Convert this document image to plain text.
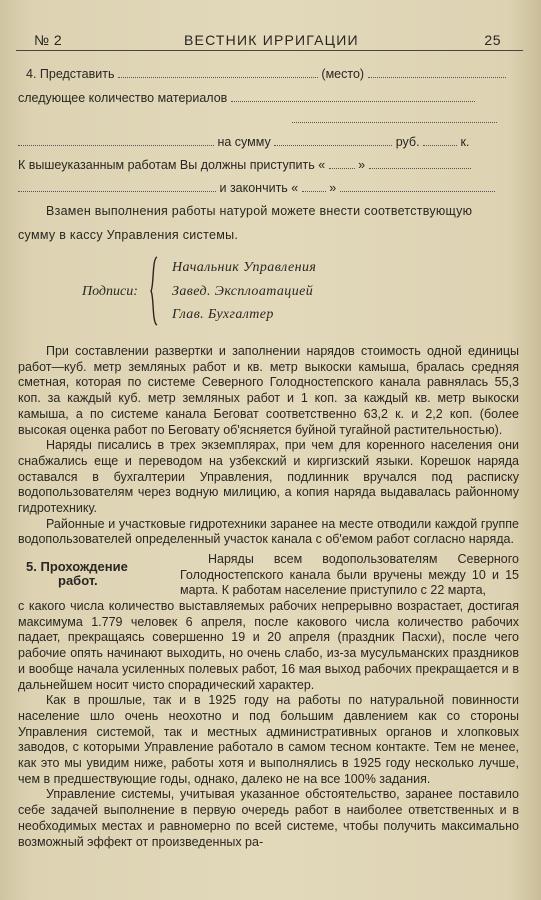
№ 2	ВЕСТНИК ИРРИГАЦИИ	25
4. Представить	(место)
следующее количество материалов
на сумму	руб.	к.
К вышеуказанным работам Вы должны приступить «	»
и закончить « »
Взамен выполнения работы натурой можете внести соответствующую
сумму в кассу Управления системы.
Подписи:
Начальник Управления
Завед. Эксплоатацией
Глав. Бухгалтер

При составлении развертки и заполнении нарядов стоимость одной единицы работ—куб. метр земляных работ и кв. метр выкоски камыша, бралась средняя сметная, которая по системе Северного Голодностепского канала равнялась 55,3 коп. за каждый куб. метр земляных работ и 1 коп. за каждый кв. метр выкоски камыша, а по системе канала Беговат соответственно 63,2 к. и 2,2 коп. (более высокая оценка работ по Беговату об'ясняется буйной тугайной растительностью).

Наряды писались в трех экземплярах, при чем для коренного населения они снабжались еще и переводом на узбекский и киргизский языки. Корешок наряда оставался в бухгалтерии Управления, подлинник вручался под расписку водопользователям через водную милицию, а копия наряда выдавалась районному гидротехнику.

Районные и участковые гидротехники заранее на месте отводили каждой группе водопользователей определенный участок канала с об'емом работ согласно наряда.

5. Прохождение
работ.
Наряды всем водопользователям Северного Голодностепского канала были вручены между 10 и 15 марта. К работам население приступило с 22 марта,

с какого числа количество выставляемых рабочих непрерывно возрастает, достигая максимума 1.779 человек 6 апреля, после какового числа количество рабочих падает, прекращаясь совершенно 19 и 20 апреля (праздник Пасхи), после чего рабочие опять начинают выходить, но очень слабо, из-за мусульманских праздников и вообще начала усиленных полевых работ, 16 мая выход рабочих прекращается и в дальнейшем носит чисто спорадический характер.

Как в прошлые, так и в 1925 году на работы по натуральной повинности население шло очень неохотно и под большим давлением как со стороны Управления системой, так и местных административных органов и хлопковых заводов, с которыми Управление работало в самом тесном контакте. Тем не менее, как это мы увидим ниже, работы хотя и выполнялись в 1925 году несколько лучше, чем в предшествующие годы, однако, далеко не на все 100% задания.

Управление системы, учитывая указанное обстоятельство, заранее поставило себе задачей выполнение в первую очередь работ в наиболее ответственных и в необходимых местах и равномерно по всей системе, чтобы получить максимально возможный эффект от произведенных ра-
